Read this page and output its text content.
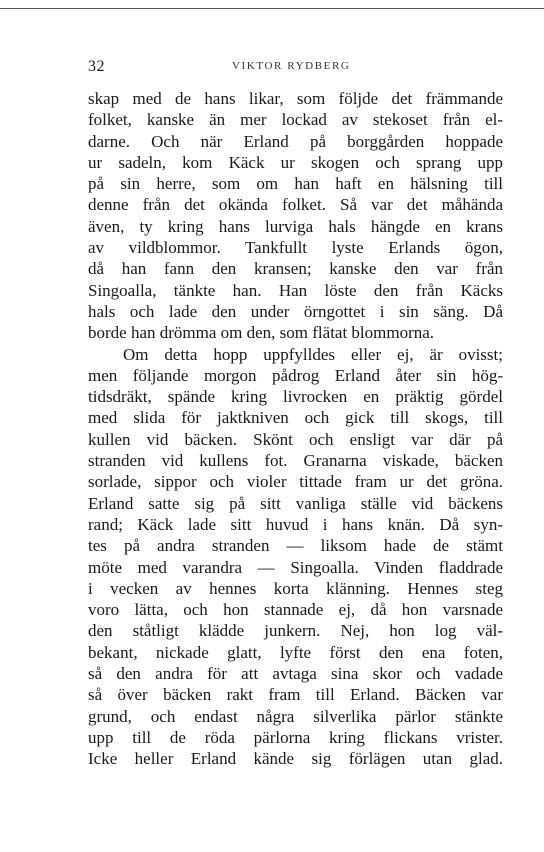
32	VIKTOR RYDBERG
skap med de hans likar, som följde det främmande
folket, kanske än mer lockad av stekoset från el-
darne. Och när Erland på borggården hoppade
ur sadeln, kom Käck ur skogen och sprang upp
på sin herre, som om han haft en hälsning till
denne från det okända folket. Så var det måhända
även, ty kring hans lurviga hals hängde en krans
av vildblommor. Tankfullt lyste Erlands ögon,
då han fann den kransen; kanske den var från
Singoalla, tänkte han. Han löste den från Käcks
hals och lade den under örngottet i sin säng. Då
borde han drömma om den, som flätat blommorna.
Om detta hopp uppfylldes eller ej, är ovisst;
men följande morgon pådrog Erland åter sin hög-
tidsdräkt, spände kring livrocken en präktig gördel
med slida för jaktkniven och gick till skogs, till
kullen vid bäcken. Skönt och ensligt var där på
stranden vid kullens fot. Granarna viskade, bäcken
sorlade, sippor och violer tittade fram ur det gröna.
Erland satte sig på sitt vanliga ställe vid bäckens
rand; Käck lade sitt huvud i hans knän. Då syn-
tes på andra stranden — liksom hade de stämt
möte med varandra — Singoalla. Vinden fladdrade
i vecken av hennes korta klänning. Hennes steg
voro lätta, och hon stannade ej, då hon varsnade
den ståtligt klädde junkern. Nej, hon log väl-
bekant, nickade glatt, lyfte först den ena foten,
så den andra för att avtaga sina skor och vadade
så över bäcken rakt fram till Erland. Bäcken var
grund, och endast några silverlika pärlor stänkte
upp till de röda pärlorna kring flickans vrister.
Icke heller Erland kände sig förlägen utan glad.
